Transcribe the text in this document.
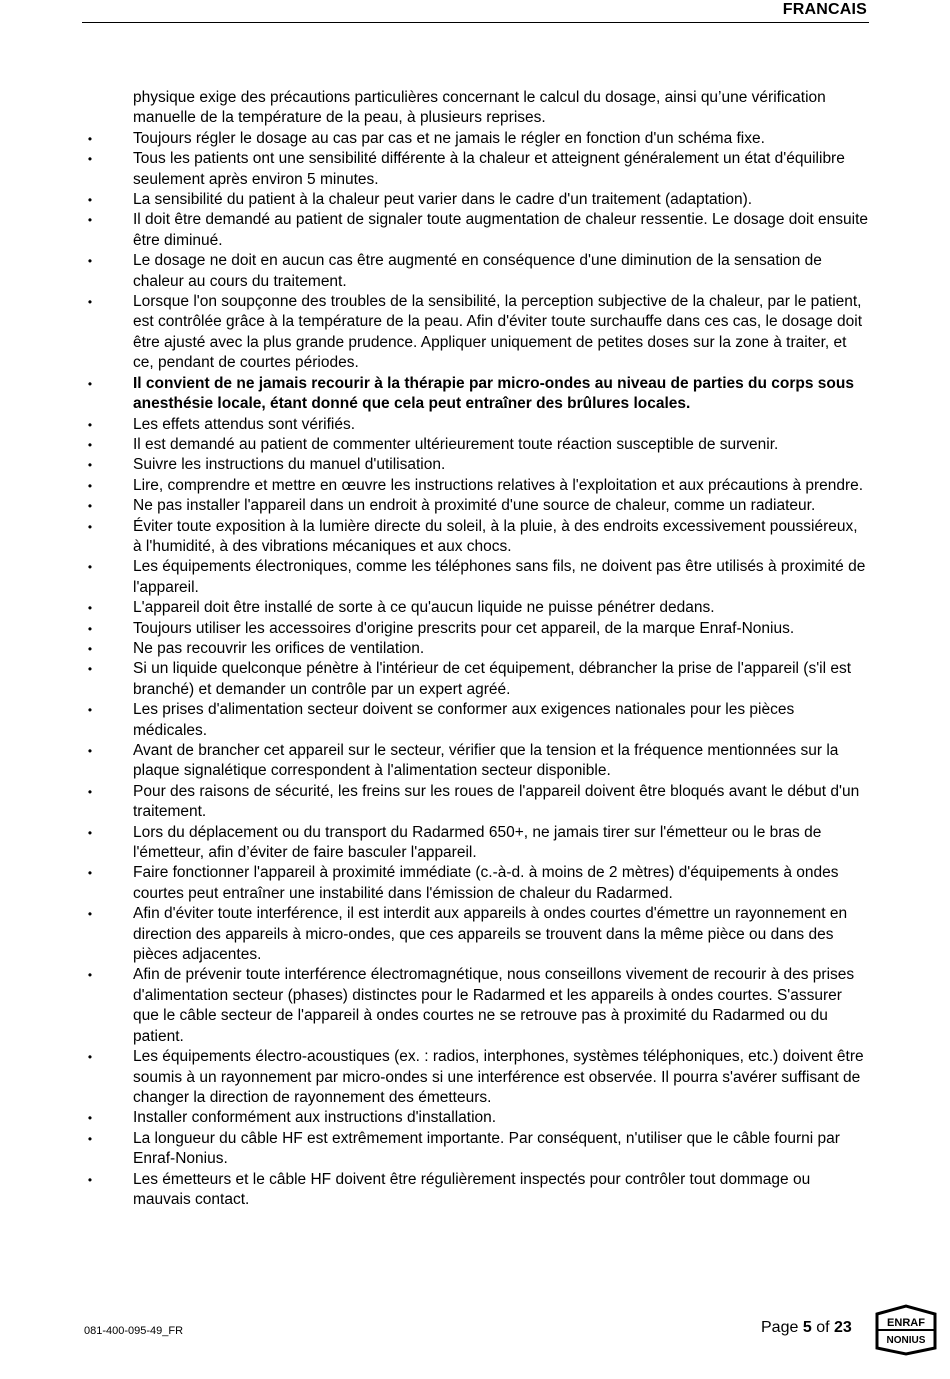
FRANCAIS

physique exige des précautions particulières concernant le calcul du dosage, ainsi qu’une vérification manuelle de la température de la peau, à plusieurs reprises.

•	Toujours régler le dosage au cas par cas et ne jamais le régler en fonction d'un schéma fixe.
•	Tous les patients ont une sensibilité différente à la chaleur et atteignent généralement un état d'équilibre seulement après environ 5 minutes.
•	La sensibilité du patient à la chaleur peut varier dans le cadre d'un traitement (adaptation).
•	Il doit être demandé au patient de signaler toute augmentation de chaleur ressentie. Le dosage doit ensuite être diminué.
•	Le dosage ne doit en aucun cas être augmenté en conséquence d'une diminution de la sensation de chaleur au cours du traitement.
•	Lorsque l'on soupçonne des troubles de la sensibilité, la perception subjective de la chaleur, par le patient, est contrôlée grâce à la température de la peau. Afin d'éviter toute surchauffe dans ces cas, le dosage doit être ajusté avec la plus grande prudence. Appliquer uniquement de petites doses sur la zone à traiter, et ce, pendant de courtes périodes.
•	Il convient de ne jamais recourir à la thérapie par micro-ondes au niveau de parties du corps sous anesthésie locale, étant donné que cela peut entraîner des brûlures locales.
•	Les effets attendus sont vérifiés.
•	Il est demandé au patient de commenter ultérieurement toute réaction susceptible de survenir.
•	Suivre les instructions du manuel d'utilisation.
•	Lire, comprendre et mettre en œuvre les instructions relatives à l'exploitation et aux précautions à prendre.
•	Ne pas installer l'appareil dans un endroit à proximité d'une source de chaleur, comme un radiateur.
•	Éviter toute exposition à la lumière directe du soleil, à la pluie, à des endroits excessivement poussiéreux, à l'humidité, à des vibrations mécaniques et aux chocs.
•	Les équipements électroniques, comme les téléphones sans fils, ne doivent pas être utilisés à proximité de l'appareil.
•	L'appareil doit être installé de sorte à ce qu'aucun liquide ne puisse pénétrer dedans.
•	Toujours utiliser les accessoires d'origine prescrits pour cet appareil, de la marque Enraf-Nonius.
•	Ne pas recouvrir les orifices de ventilation.
•	Si un liquide quelconque pénètre à l'intérieur de cet équipement, débrancher la prise de l'appareil (s'il est branché) et demander un contrôle par un expert agréé.
•	Les prises d'alimentation secteur doivent se conformer aux exigences nationales pour les pièces médicales.
•	Avant de brancher cet appareil sur le secteur, vérifier que la tension et la fréquence mentionnées sur la plaque signalétique correspondent à l'alimentation secteur disponible.
•	Pour des raisons de sécurité, les freins sur les roues de l'appareil doivent être bloqués avant le début d'un traitement.
•	Lors du déplacement ou du transport du Radarmed 650+, ne jamais tirer sur l'émetteur ou le bras de l'émetteur, afin d’éviter de faire basculer l'appareil.
•	Faire fonctionner l'appareil à proximité immédiate (c.-à-d. à moins de 2 mètres) d'équipements à ondes courtes peut entraîner une instabilité dans l'émission de chaleur du Radarmed.
•	Afin d'éviter toute interférence, il est interdit aux appareils à ondes courtes d'émettre un rayonnement en direction des appareils à micro-ondes, que ces appareils se trouvent dans la même pièce ou dans des pièces adjacentes.
•	Afin de prévenir toute interférence électromagnétique, nous conseillons vivement de recourir à des prises d'alimentation secteur (phases) distinctes pour le Radarmed et les appareils à ondes courtes. S'assurer que le câble secteur de l'appareil à ondes courtes ne se retrouve pas à proximité du Radarmed ou du patient.
•	Les équipements électro-acoustiques (ex. : radios, interphones, systèmes téléphoniques, etc.) doivent être soumis à un rayonnement par micro-ondes si une interférence est observée. Il pourra s'avérer suffisant de changer la direction de rayonnement des émetteurs.
•	Installer conformément aux instructions d'installation.
•	La longueur du câble HF est extrêmement importante. Par conséquent, n'utiliser que le câble fourni par Enraf-Nonius.
•	Les émetteurs et le câble HF doivent être régulièrement inspectés pour contrôler tout dommage ou mauvais contact.
081-400-095-49_FR	Page 5 of 23	ENRAF
NONIUS
